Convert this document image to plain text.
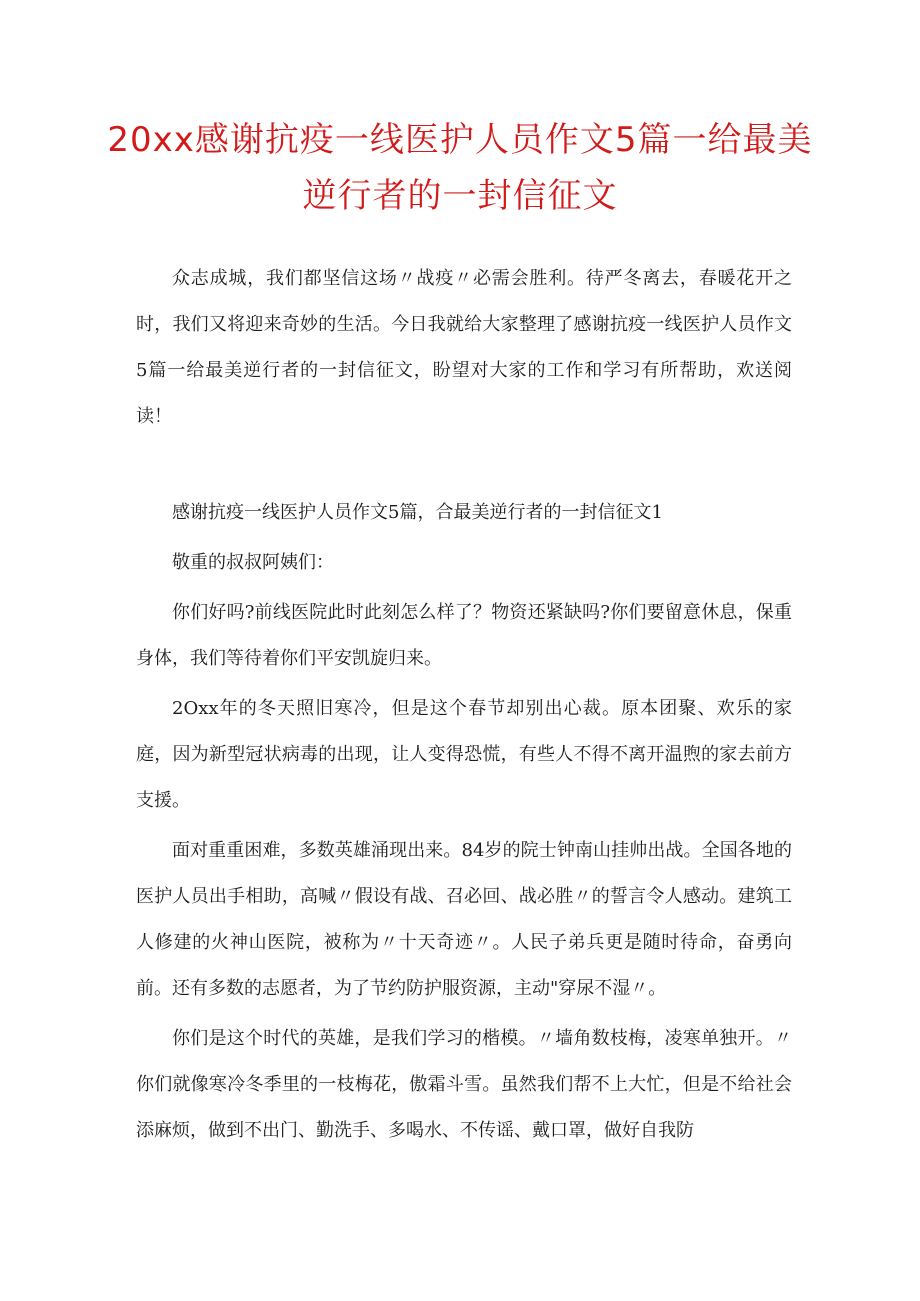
20xx感谢抗疫一线医护人员作文5篇一给最美逆行者的一封信征文

众志成城，我们都坚信这场〃战疫〃必需会胜利。待严冬离去，春暖花开之时，我们又将迎来奇妙的生活。今日我就给大家整理了感谢抗疫一线医护人员作文5篇一给最美逆行者的一封信征文，盼望对大家的工作和学习有所帮助，欢送阅读！

感谢抗疫一线医护人员作文5篇，合最美逆行者的一封信征文1

敬重的叔叔阿姨们：

你们好吗?前线医院此时此刻怎么样了？物资还紧缺吗?你们要留意休息，保重身体，我们等待着你们平安凯旋归来。

2Oxx年的冬天照旧寒冷，但是这个春节却别出心裁。原本团聚、欢乐的家庭，因为新型冠状病毒的出现，让人变得恐慌，有些人不得不离开温煦的家去前方支援。

面对重重困难，多数英雄涌现出来。84岁的院士钟南山挂帅出战。全国各地的医护人员出手相助，高喊〃假设有战、召必回、战必胜〃的誓言令人感动。建筑工人修建的火神山医院，被称为〃十天奇迹〃。人民子弟兵更是随时待命，奋勇向前。还有多数的志愿者，为了节约防护服资源，主动"穿尿不湿〃。

你们是这个时代的英雄，是我们学习的楷模。〃墙角数枝梅，凌寒单独开。〃你们就像寒冷冬季里的一枝梅花，傲霜斗雪。虽然我们帮不上大忙，但是不给社会添麻烦，做到不出门、勤洗手、多喝水、不传谣、戴口罩，做好自我防
